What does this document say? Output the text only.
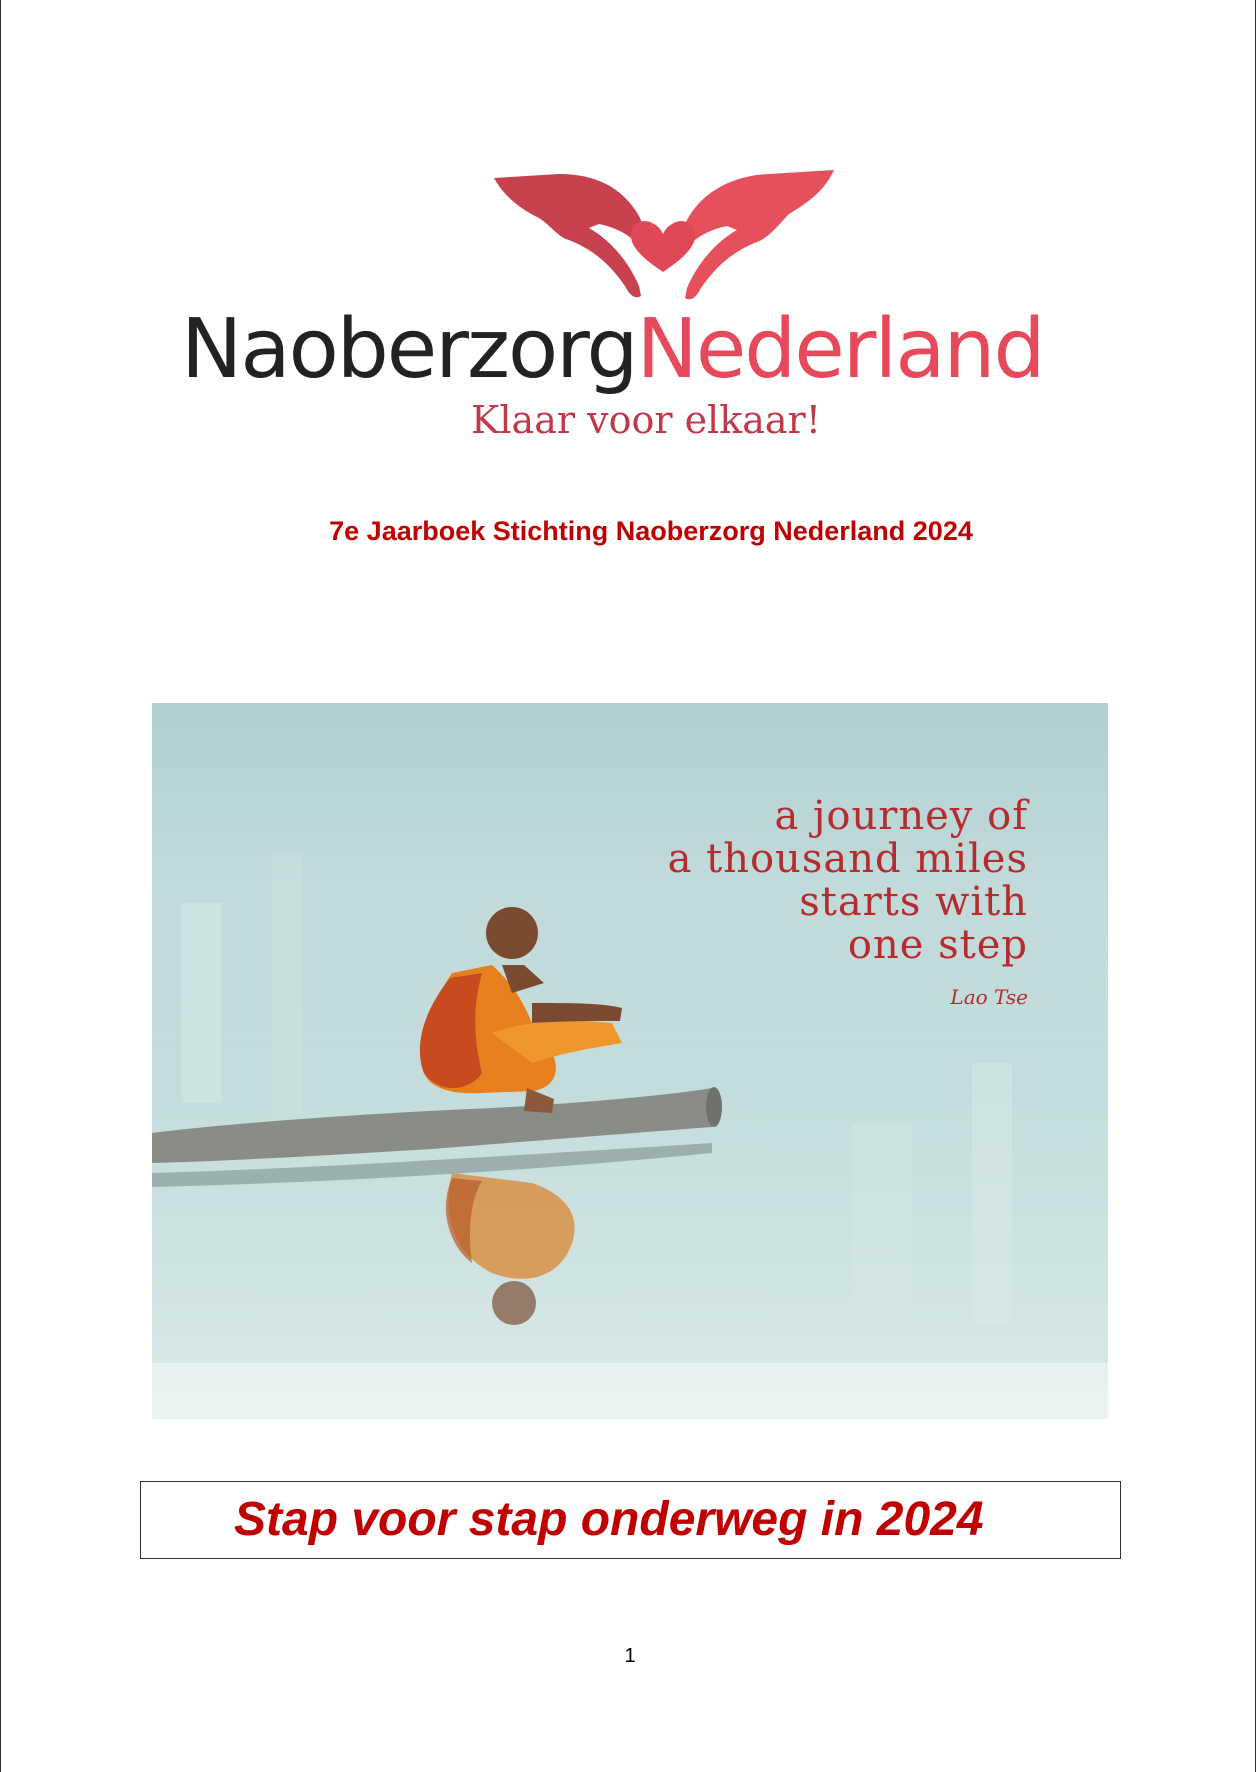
NaoberzorgNederland
Klaar voor elkaar!
7e Jaarboek Stichting Naoberzorg Nederland 2024
a journey of
a thousand miles
starts with
one step
Lao Tse
Stap voor stap onderweg in 2024
1
